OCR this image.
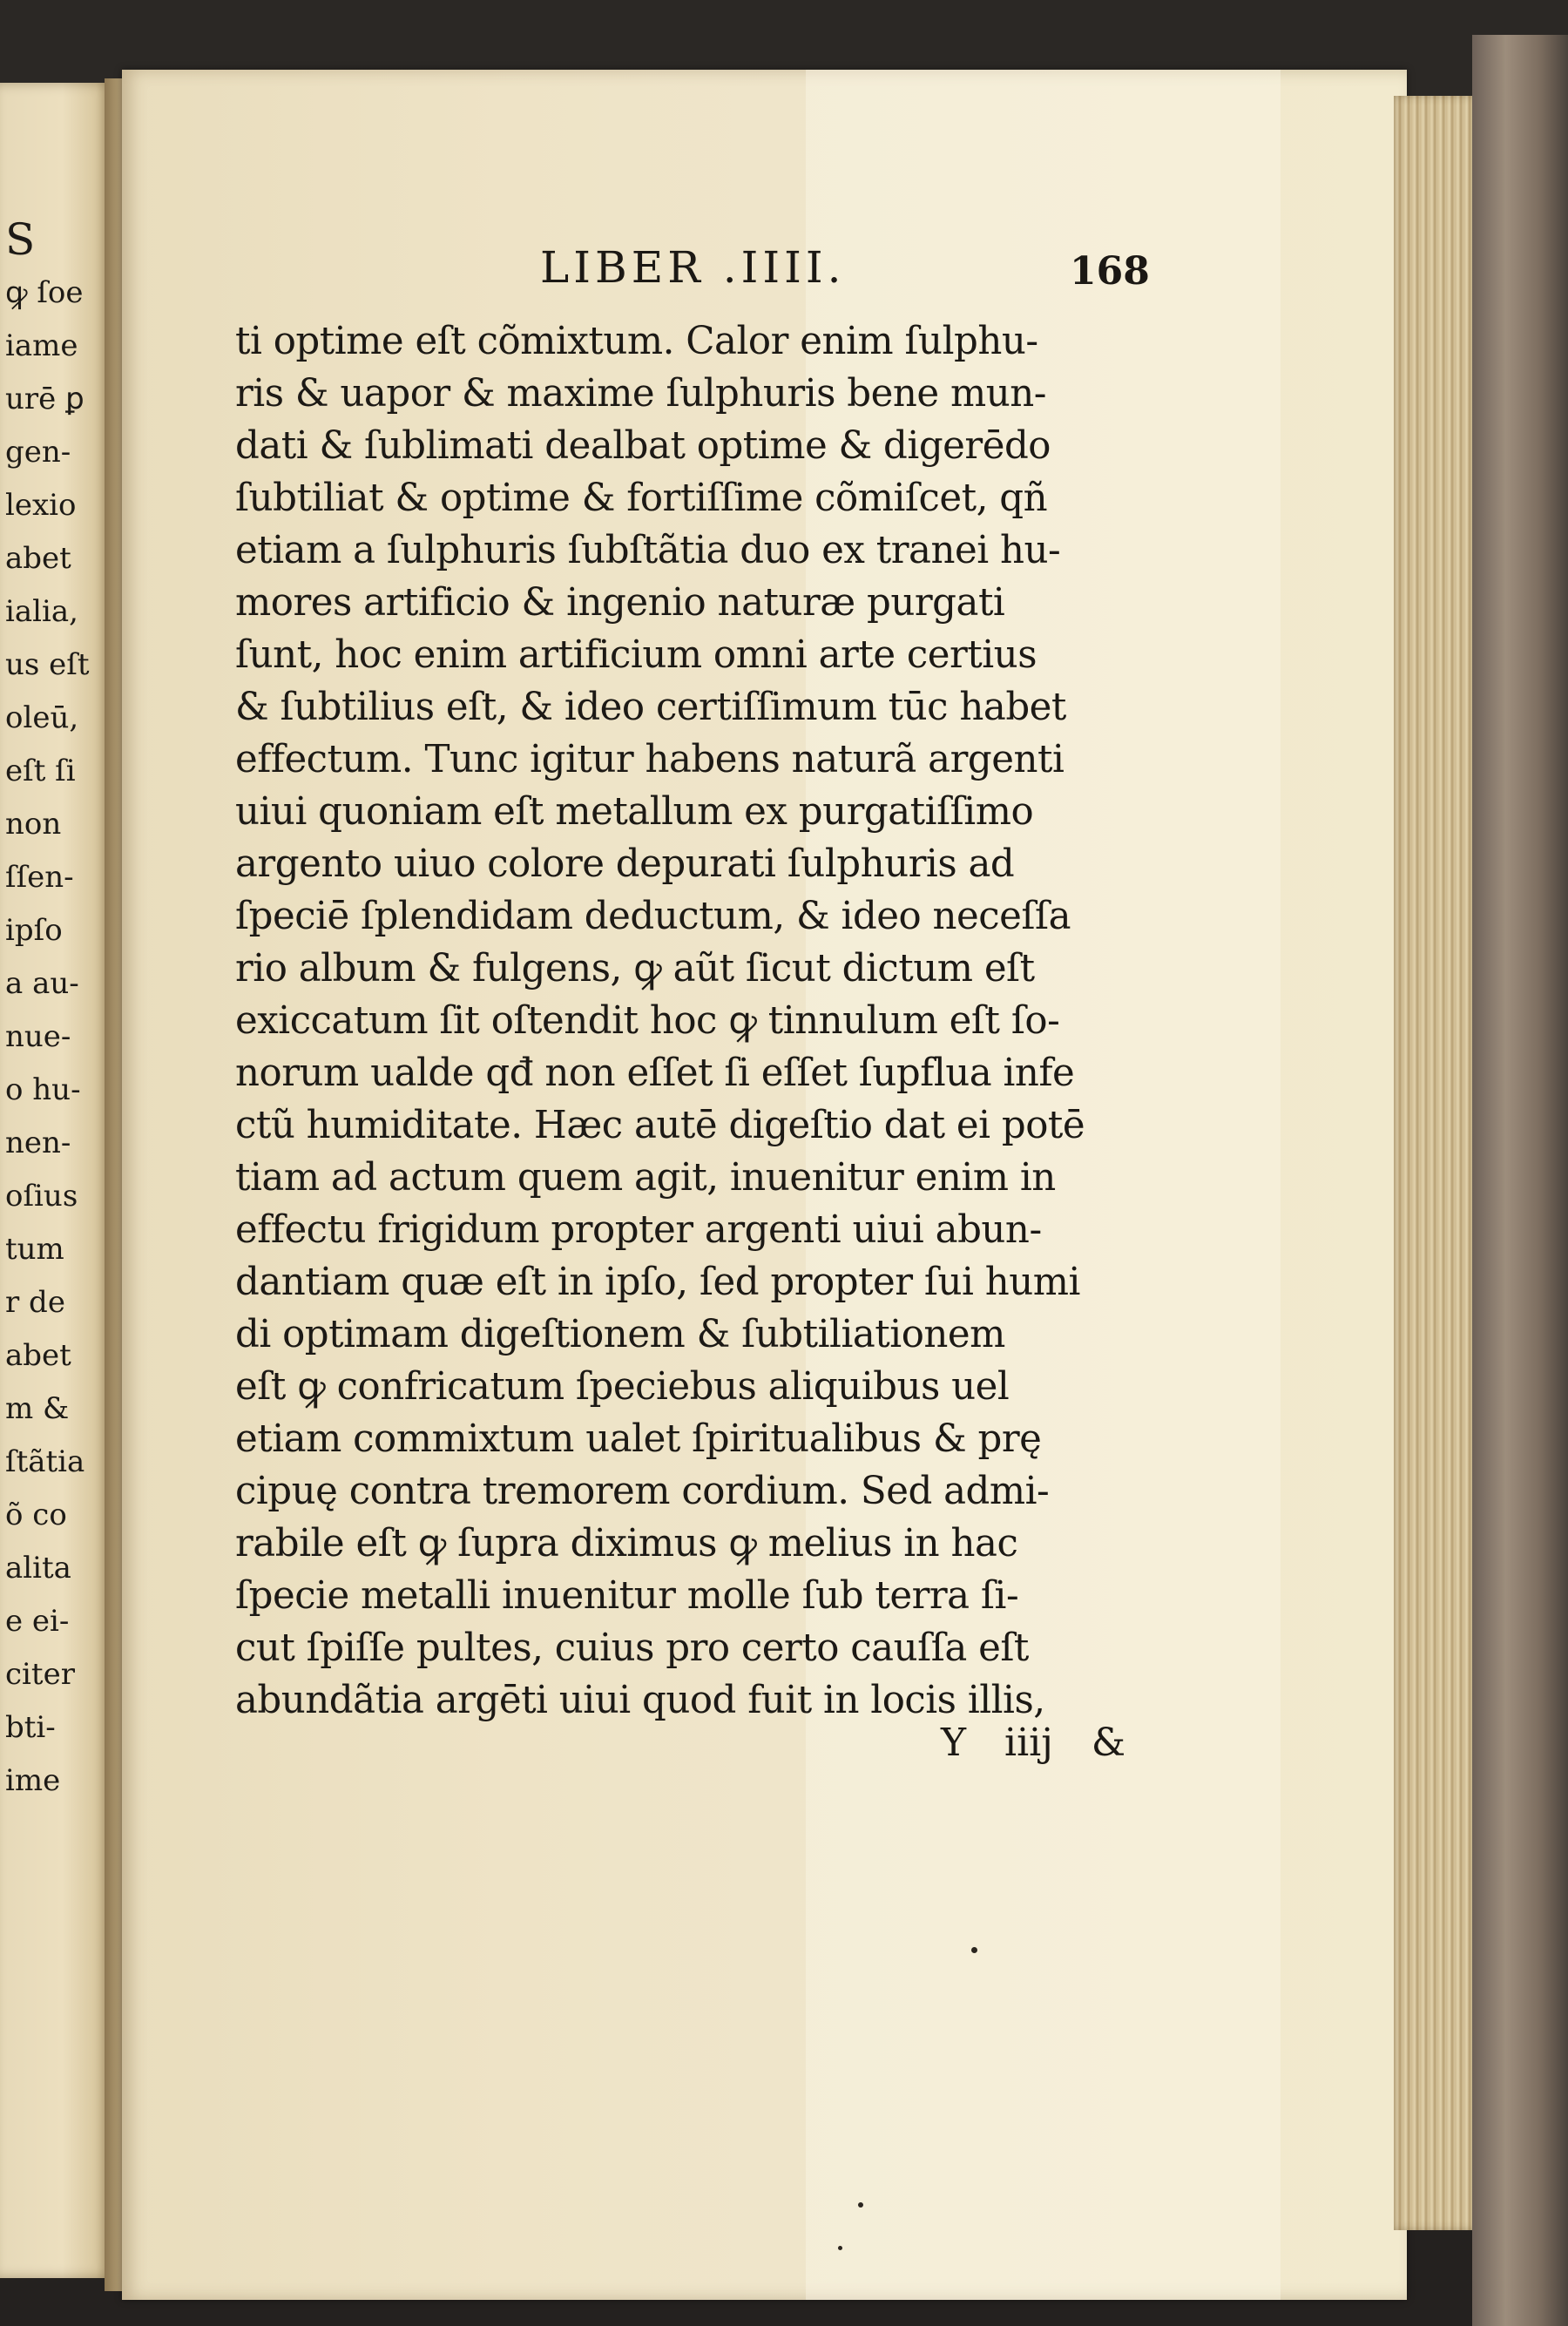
S
ꝙ ſoe
iame
urē ꝑ
gen-
lexio
abet
ialia,
us eſt
oleū,
eſt ſi
non
ſſen-
ipſo
a au-
nue-
o hu-
nen-
oſius
tum
r de
abet
m &
ſtãtia
õ co
alita
e ei-
citer
bti-
ime
LIBER .IIII.	168
ti optime eſt cõmixtum. Calor enim ſulphu-
ris & uapor & maxime ſulphuris bene mun-
dati & ſublimati dealbat optime & digerēdo
ſubtiliat & optime & fortiſſime cõmiſcet, qñ
etiam a ſulphuris ſubſtãtia duo ex tranei hu-
mores artificio & ingenio naturæ purgati
ſunt, hoc enim artificium omni arte certius
& ſubtilius eſt, & ideo certiſſimum tūc habet
effectum. Tunc igitur habens naturã argenti
uiui quoniam eſt metallum ex purgatiſſimo
argento uiuo colore depurati ſulphuris ad
ſpeciē ſplendidam deductum, & ideo neceſſa
rio album & fulgens, ꝙ aũt ſicut dictum eſt
exiccatum ſit oſtendit hoc ꝙ tinnulum eſt ſo-
norum ualde qđ non eſſet ſi eſſet ſupflua infe
ctũ humiditate. Hæc autē digeſtio dat ei potē
tiam ad actum quem agit, inuenitur enim in
effectu frigidum propter argenti uiui abun-
dantiam quæ eſt in ipſo, ſed propter ſui humi
di optimam digeſtionem & ſubtiliationem
eſt ꝙ confricatum ſpeciebus aliquibus uel
etiam commixtum ualet ſpiritualibus & prę
cipuę contra tremorem cordium. Sed admi-
rabile eſt ꝙ ſupra diximus ꝙ melius in hac
ſpecie metalli inuenitur molle ſub terra ſi-
cut ſpiſſe pultes, cuius pro certo cauſſa eſt
abundãtia argēti uiui quod fuit in locis illis,
Y iiij &
